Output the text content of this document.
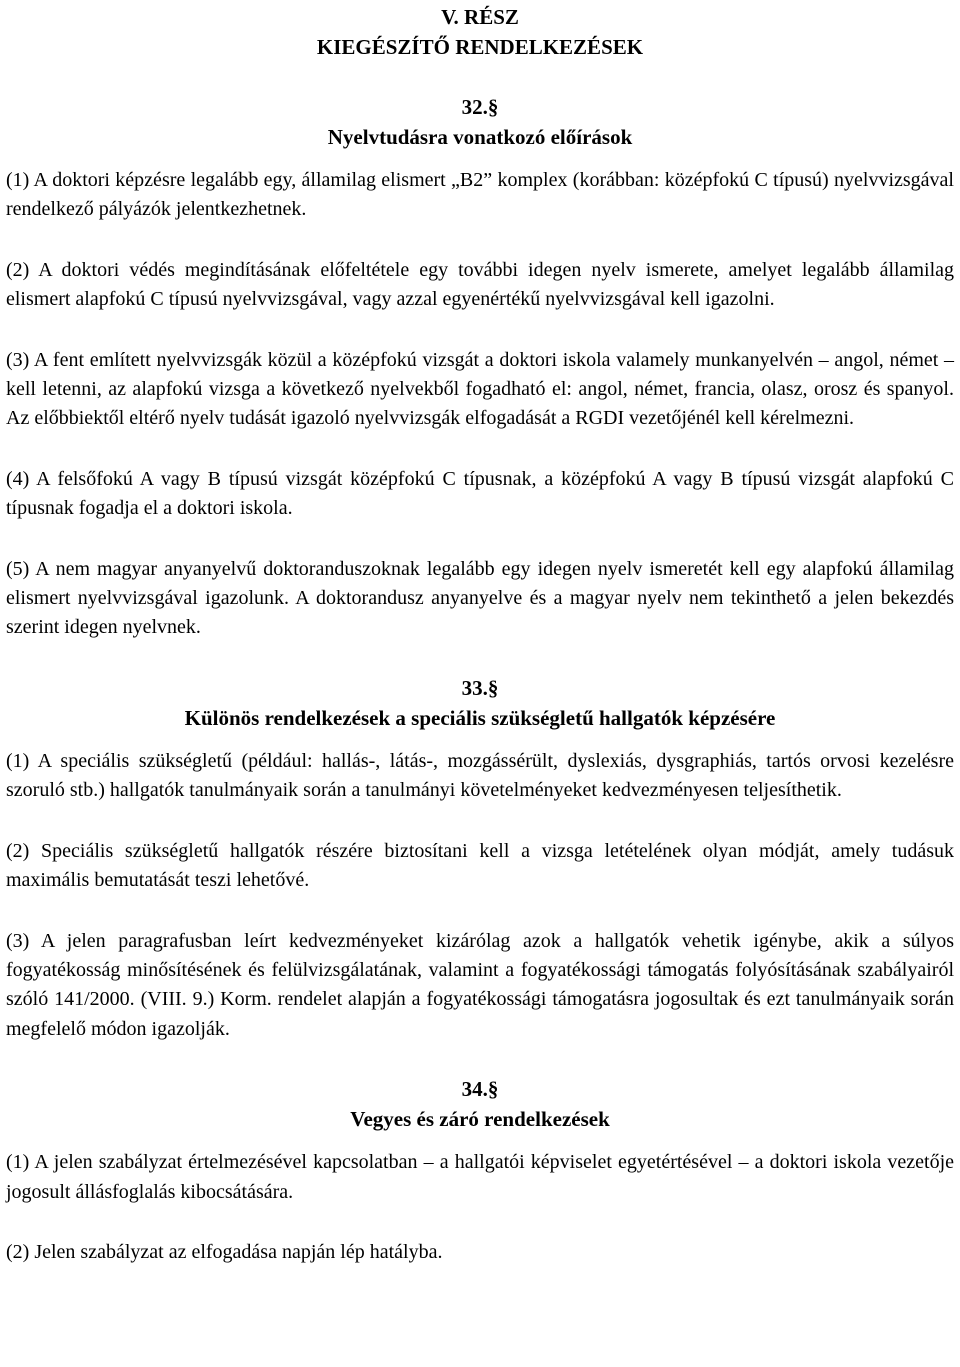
V. RÉSZ

KIEGÉSZÍTŐ RENDELKEZÉSEK

32.§

Nyelvtudásra vonatkozó előírások

(1) A doktori képzésre legalább egy, államilag elismert „B2” komplex (korábban: középfokú C típusú) nyelvvizsgával rendelkező pályázók jelentkezhetnek.

(2) A doktori védés megindításának előfeltétele egy további idegen nyelv ismerete, amelyet legalább államilag elismert alapfokú C típusú nyelvvizsgával, vagy azzal egyenértékű nyelvvizsgával kell igazolni.

(3) A fent említett nyelvvizsgák közül a középfokú vizsgát a doktori iskola valamely munkanyelvén – angol, német – kell letenni, az alapfokú vizsga a következő nyelvekből fogadható el: angol, német, francia, olasz, orosz és spanyol. Az előbbiektől eltérő nyelv tudását igazoló nyelvvizsgák elfogadását a RGDI vezetőjénél kell kérelmezni.

(4) A felsőfokú A vagy B típusú vizsgát középfokú C típusnak, a középfokú A vagy B típusú vizsgát alapfokú C típusnak fogadja el a doktori iskola.

(5) A nem magyar anyanyelvű doktoranduszoknak legalább egy idegen nyelv ismeretét kell egy alapfokú államilag elismert nyelvvizsgával igazolunk. A doktorandusz anyanyelve és a magyar nyelv nem tekinthető a jelen bekezdés szerint idegen nyelvnek.

33.§

Különös rendelkezések a speciális szükségletű hallgatók képzésére

(1) A speciális szükségletű (például: hallás-, látás-, mozgássérült, dyslexiás, dysgraphiás, tartós orvosi kezelésre szoruló stb.) hallgatók tanulmányaik során a tanulmányi követelményeket kedvezményesen teljesíthetik.

(2) Speciális szükségletű hallgatók részére biztosítani kell a vizsga letételének olyan módját, amely tudásuk maximális bemutatását teszi lehetővé.

(3) A jelen paragrafusban leírt kedvezményeket kizárólag azok a hallgatók vehetik igénybe, akik a súlyos fogyatékosság minősítésének és felülvizsgálatának, valamint a fogyatékossági támogatás folyósításának szabályairól szóló 141/2000. (VIII. 9.) Korm. rendelet alapján a fogyatékossági támogatásra jogosultak és ezt tanulmányaik során megfelelő módon igazolják.

34.§

Vegyes és záró rendelkezések

(1) A jelen szabályzat értelmezésével kapcsolatban – a hallgatói képviselet egyetértésével – a doktori iskola vezetője jogosult állásfoglalás kibocsátására.

(2) Jelen szabályzat az elfogadása napján lép hatályba.
